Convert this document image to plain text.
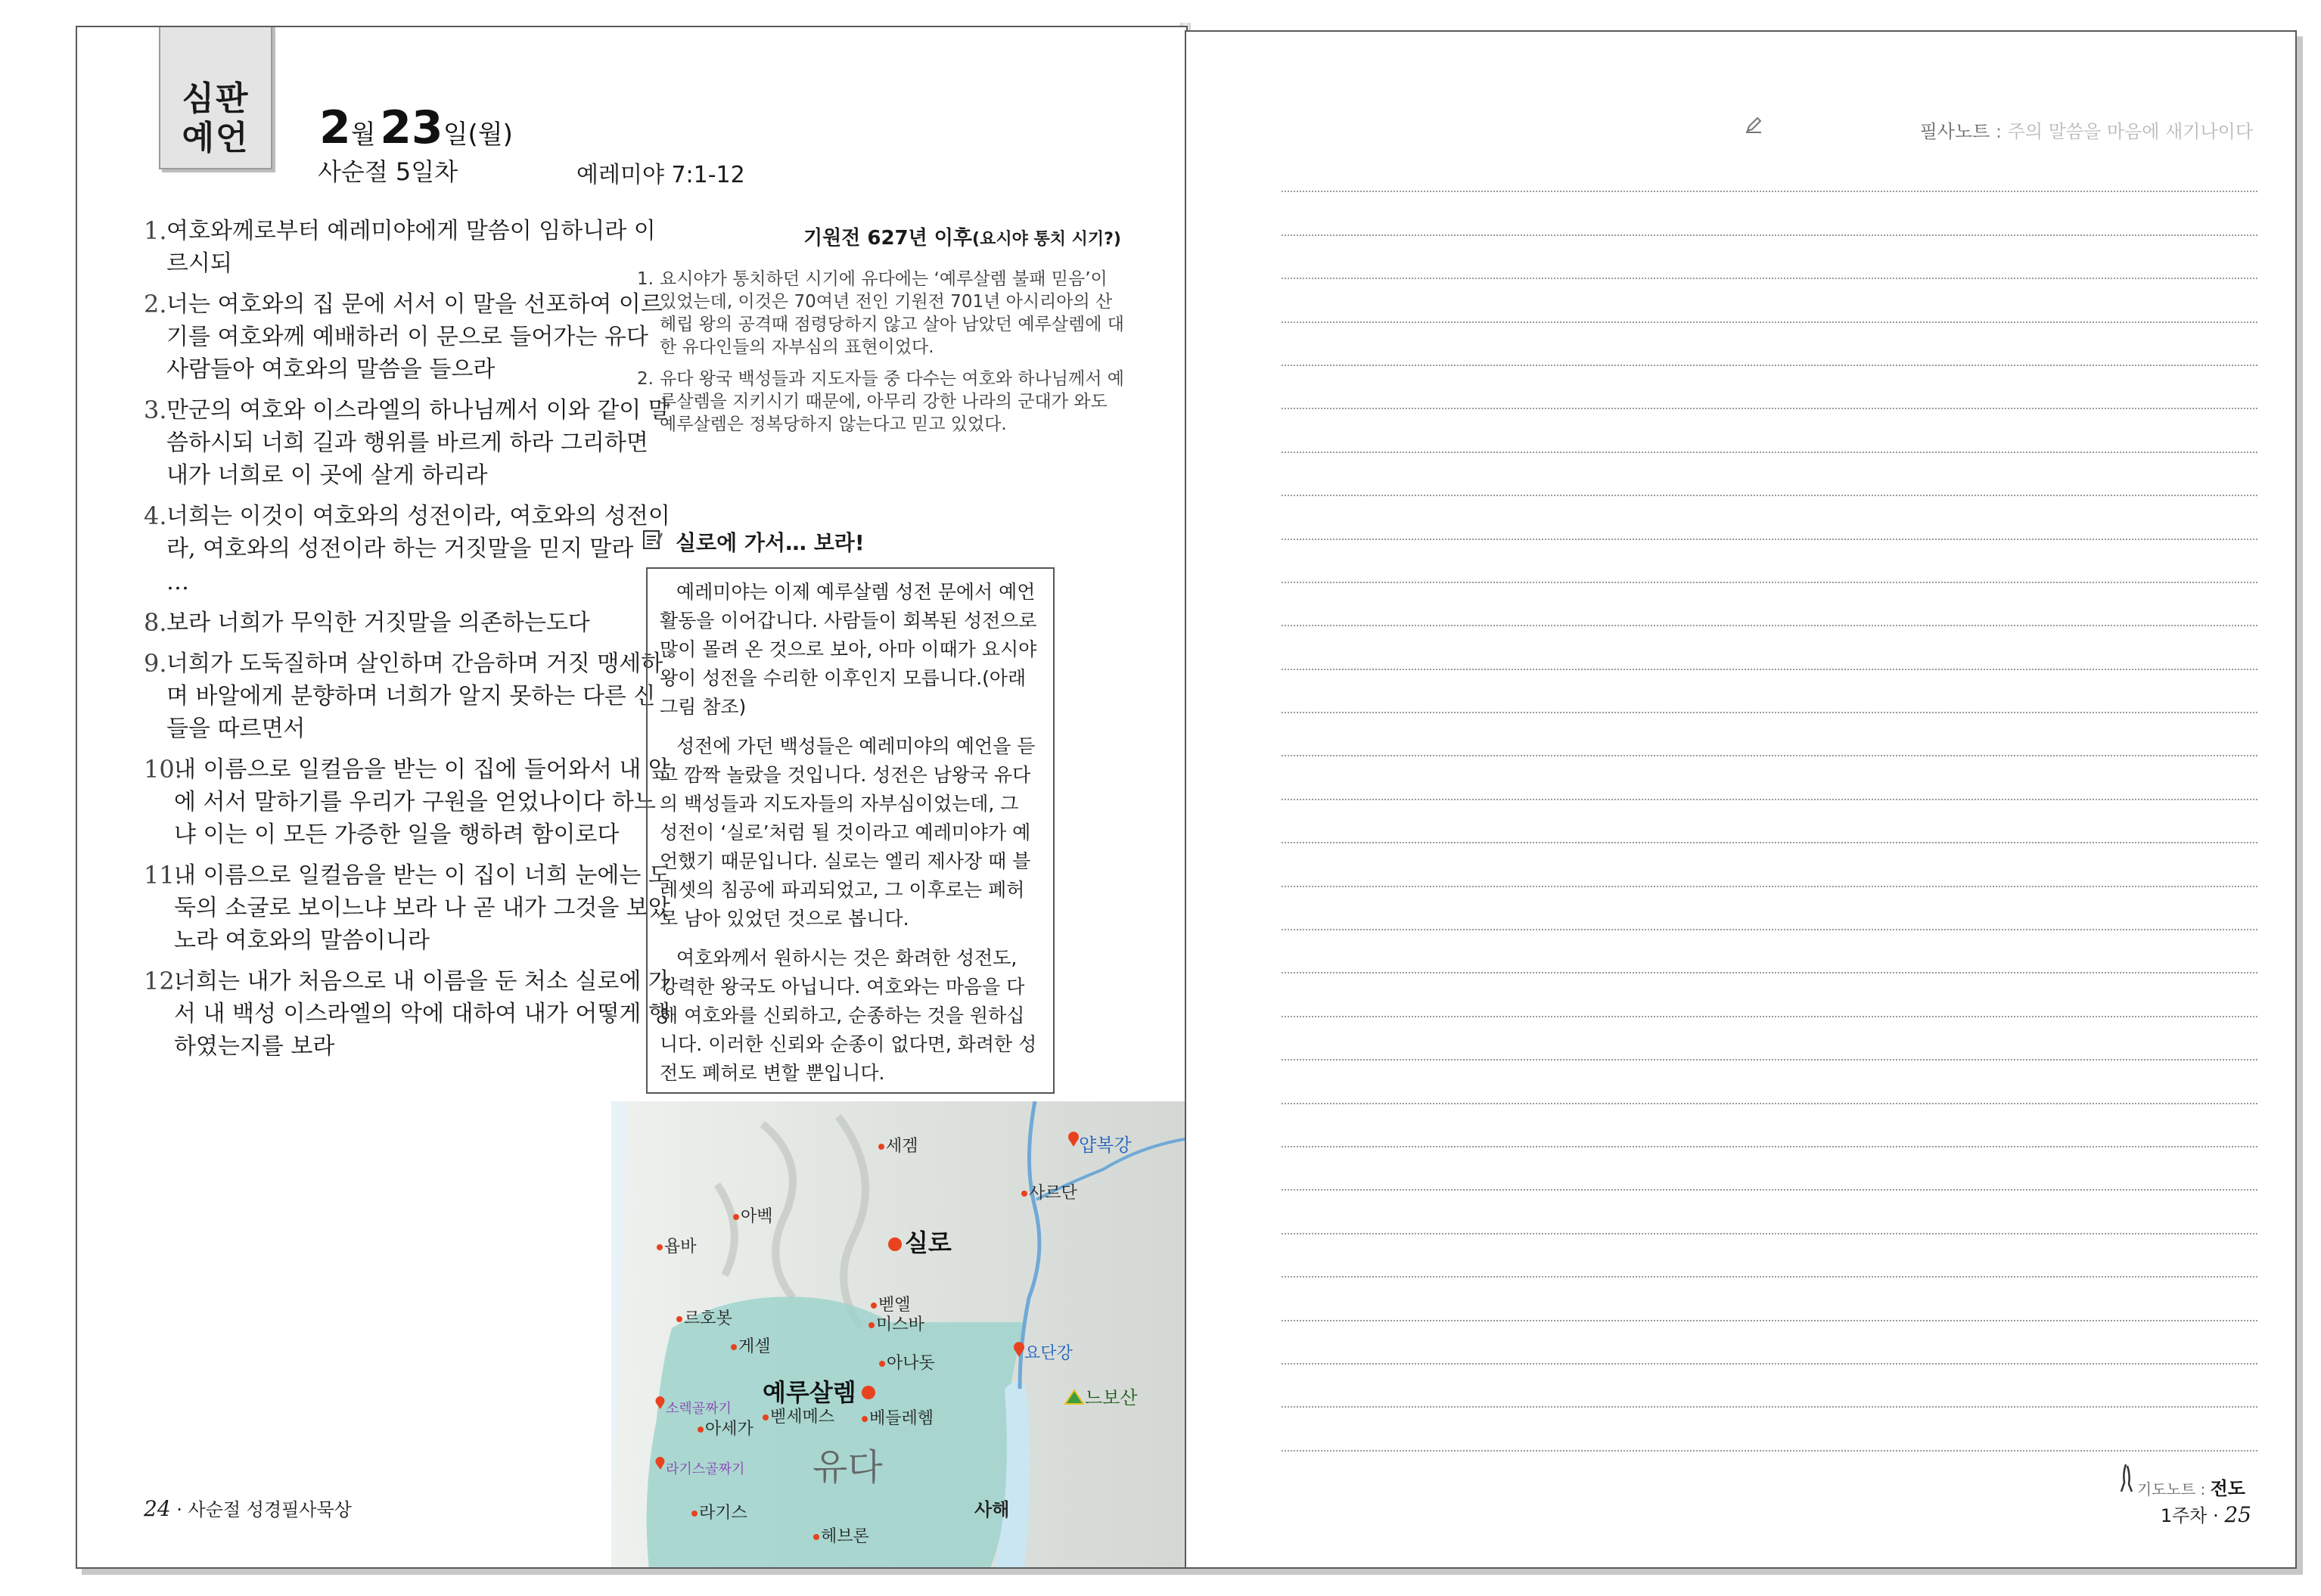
심판
예언	2월 23일(월)
사순절 5일차	예레미야 7:1-12
1. 여호와께로부터 예레미야에게 말씀이 임하니라 이르시되
2. 너는 여호와의 집 문에 서서 이 말을 선포하여 이르기를 여호와께 예배하러 이 문으로 들어가는 유다 사람들아 여호와의 말씀을 들으라
3. 만군의 여호와 이스라엘의 하나님께서 이와 같이 말씀하시되 너희 길과 행위를 바르게 하라 그리하면 내가 너희로 이 곳에 살게 하리라
4. 너희는 이것이 여호와의 성전이라, 여호와의 성전이라, 여호와의 성전이라 하는 거짓말을 믿지 말라
…
8. 보라 너희가 무익한 거짓말을 의존하는도다
9. 너희가 도둑질하며 살인하며 간음하며 거짓 맹세하며 바알에게 분향하며 너희가 알지 못하는 다른 신들을 따르면서
10.
내 이름으로 일컬음을 받는 이 집에 들어와서 내 앞에 서서 말하기를 우리가 구원을 얻었나이다 하느냐 이는 이 모든 가증한 일을 행하려 함이로다
11.
내 이름으로 일컬음을 받는 이 집이 너희 눈에는 도둑의 소굴로 보이느냐 보라 나 곧 내가 그것을 보았노라 여호와의 말씀이니라
12.
너희는 내가 처음으로 내 이름을 둔 처소 실로에 가서 내 백성 이스라엘의 악에 대하여 내가 어떻게 행하였는지를 보라
기원전 627년 이후(요시야 통치 시기?)
1. 요시야가 통치하던 시기에 유다에는 ‘예루살렘 불패 믿음’이 있었는데, 이것은 70여년 전인 기원전 701년 아시리아의 산헤립 왕의 공격때 점령당하지 않고 살아 남았던 예루살렘에 대한 유다인들의 자부심의 표현이었다.
2. 유다 왕국 백성들과 지도자들 중 다수는 여호와 하나님께서 예루살렘을 지키시기 때문에, 아무리 강한 나라의 군대가 와도 예루살렘은 정복당하지 않는다고 믿고 있었다.
실로에 가서… 보라!

예레미야는 이제 예루살렘 성전 문에서 예언 활동을 이어갑니다. 사람들이 회복된 성전으로 많이 몰려 온 것으로 보아, 아마 이때가 요시야 왕이 성전을 수리한 이후인지 모릅니다.(아래 그림 참조)

성전에 가던 백성들은 예레미야의 예언을 듣고 깜짝 놀랐을 것입니다. 성전은 남왕국 유다의 백성들과 지도자들의 자부심이었는데, 그 성전이 ‘실로’처럼 될 것이라고 예레미야가 예언했기 때문입니다. 실로는 엘리 제사장 때 블레셋의 침공에 파괴되었고, 그 이후로는 폐허로 남아 있었던 것으로 봅니다.

여호와께서 원하시는 것은 화려한 성전도, 강력한 왕국도 아닙니다. 여호와는 마음을 다해 여호와를 신뢰하고, 순종하는 것을 원하십니다. 이러한 신뢰와 순종이 없다면, 화려한 성전도 폐허로 변할 뿐입니다.

세겜	얍복강
사르단
아벡
욥바	실로
벧엘
르호봇	미스바
게셀	요단강
아나돗
예루살렘	느보산
소렉골짜기 벧세메스
아세가
베들레헴
라기스골짜기 유다
라기스	사해
헤브론
24 · 사순절 성경필사묵상
필사노트 : 주의 말씀을 마음에 새기나이다
기도노트 : 전도
1주차 · 25
